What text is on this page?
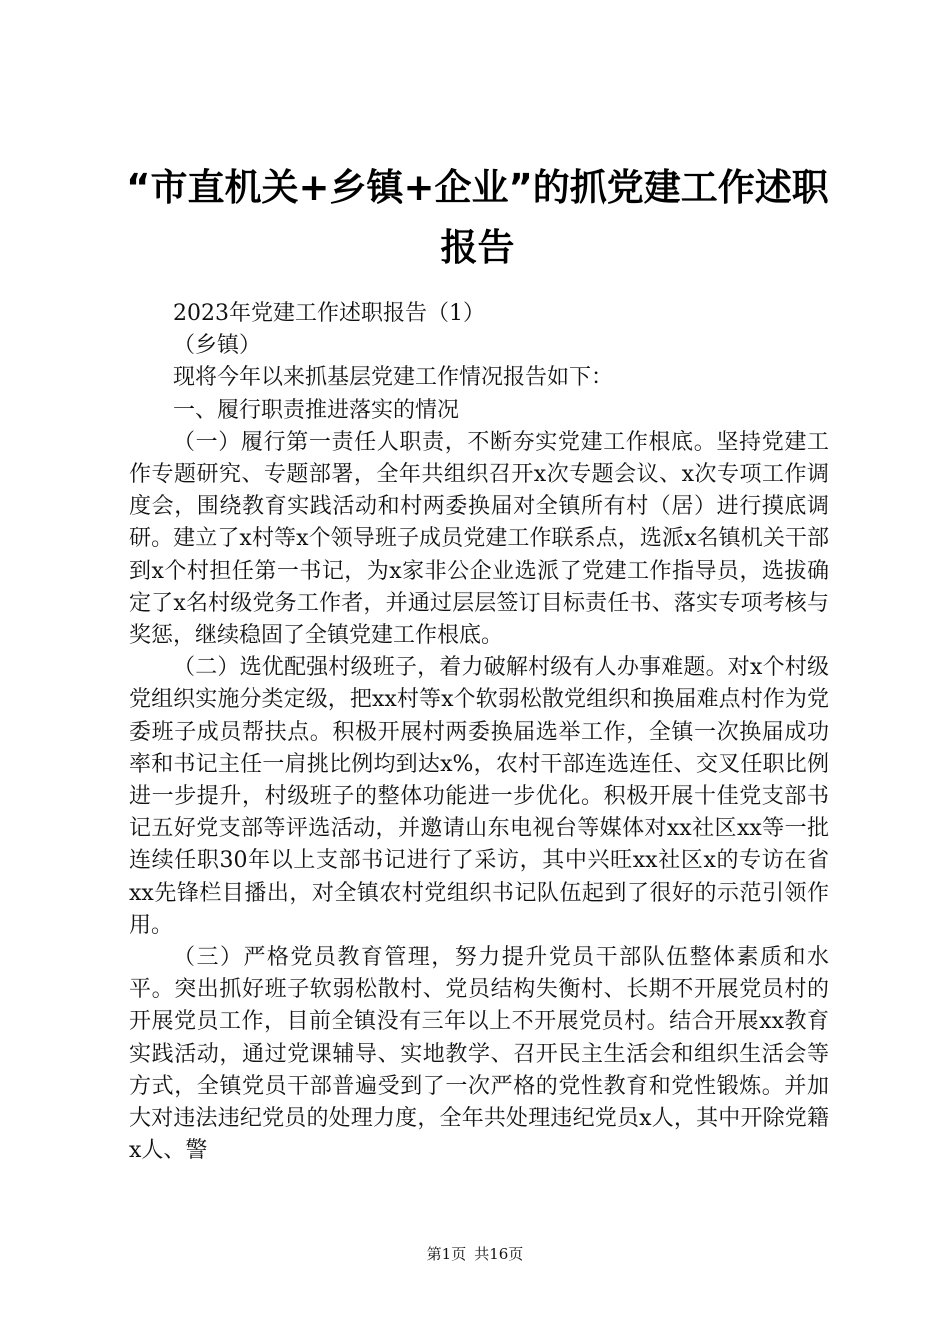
“市直机关+乡镇+企业”的抓党建工作述职报告

2023年党建工作述职报告（1）

（乡镇）

现将今年以来抓基层党建工作情况报告如下：

一、履行职责推进落实的情况

（一）履行第一责任人职责，不断夯实党建工作根底。坚持党建工作专题研究、专题部署，全年共组织召开x次专题会议、x次专项工作调度会，围绕教育实践活动和村两委换届对全镇所有村（居）进行摸底调研。建立了x村等x个领导班子成员党建工作联系点，选派x名镇机关干部到x个村担任第一书记，为x家非公企业选派了党建工作指导员，选拔确定了x名村级党务工作者，并通过层层签订目标责任书、落实专项考核与奖惩，继续稳固了全镇党建工作根底。

（二）选优配强村级班子，着力破解村级有人办事难题。对x个村级党组织实施分类定级，把xx村等x个软弱松散党组织和换届难点村作为党委班子成员帮扶点。积极开展村两委换届选举工作，全镇一次换届成功率和书记主任一肩挑比例均到达x%，农村干部连选连任、交叉任职比例进一步提升，村级班子的整体功能进一步优化。积极开展十佳党支部书记五好党支部等评选活动，并邀请山东电视台等媒体对xx社区xx等一批连续任职30年以上支部书记进行了采访，其中兴旺xx社区x的专访在省xx先锋栏目播出，对全镇农村党组织书记队伍起到了很好的示范引领作用。

（三）严格党员教育管理，努力提升党员干部队伍整体素质和水平。突出抓好班子软弱松散村、党员结构失衡村、长期不开展党员村的开展党员工作，目前全镇没有三年以上不开展党员村。结合开展xx教育实践活动，通过党课辅导、实地教学、召开民主生活会和组织生活会等方式，全镇党员干部普遍受到了一次严格的党性教育和党性锻炼。并加大对违法违纪党员的处理力度，全年共处理违纪党员x人，其中开除党籍x人、警

第1页 共16页
